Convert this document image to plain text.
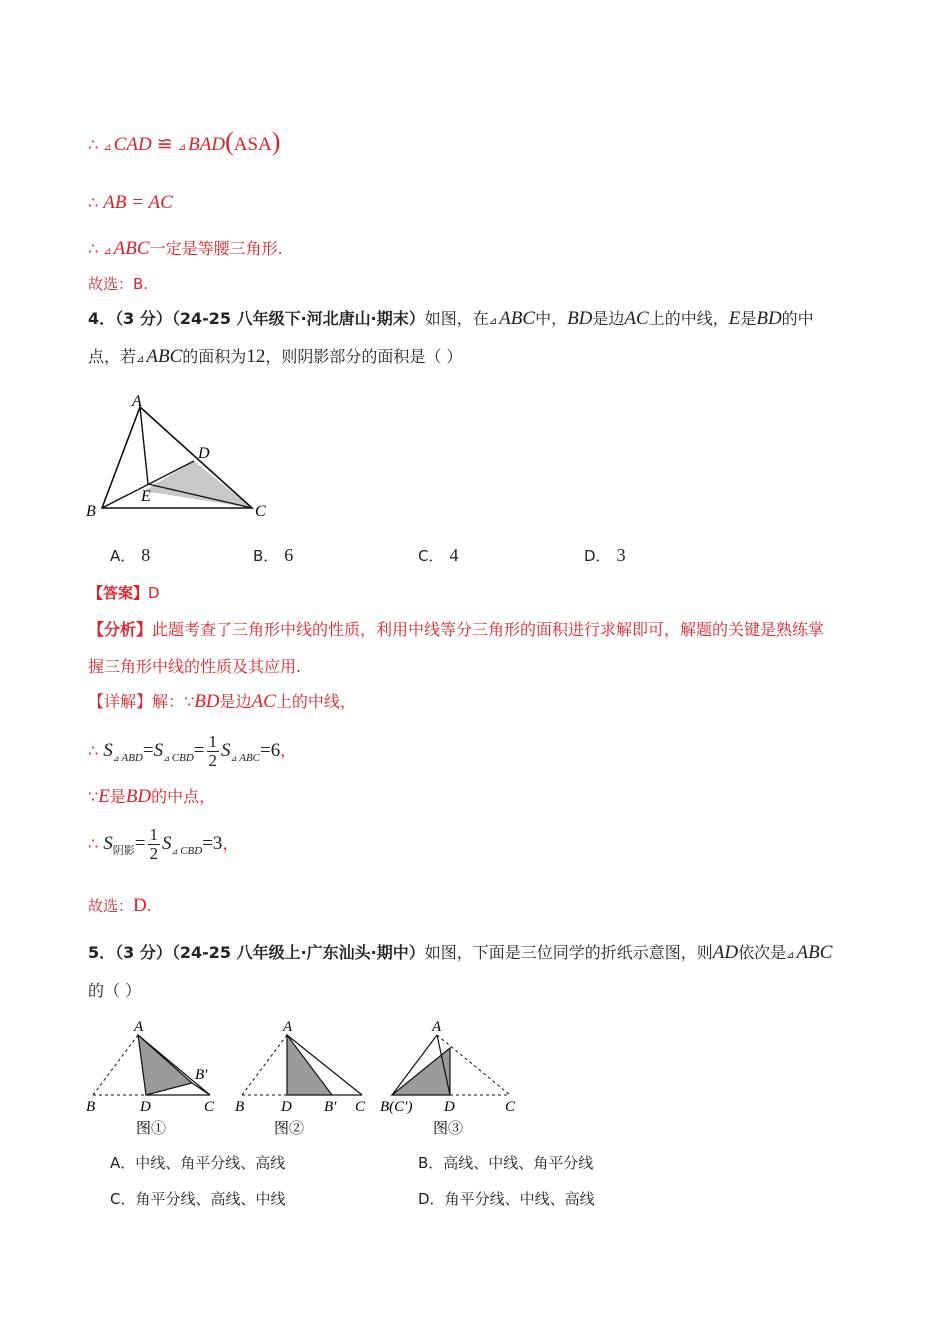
∴ ⊿ CAD ≌ ⊿ BAD(ASA)
∴ AB = AC
∴ ⊿ ABC一定是等腰三角形.
故选：B.
4．（3 分）（24-25 八年级下·河北唐山·期末）如图，在⊿ ABC中，BD是边AC上的中线，E是BD的中
点，若⊿ ABC的面积为12，则阴影部分的面积是（ ）
A
B	C
D
E
A． 8	B． 6	C． 4	D． 3
【答案】D
【分析】此题考查了三角形中线的性质，利用中线等分三角形的面积进行求解即可，解题的关键是熟练掌
握三角形中线的性质及其应用.
【详解】解：∵BD是边AC上的中线，
∴ $S_{⊿ ABD}=S_{⊿ CBD}= \frac{1}{2} S_{⊿ ABC}=6$，
∵E是BD的中点，
∴ $S_{阴影}= \frac{1}{2} S_{⊿ CBD}=3$，
故选：D.
5．（3 分）（24-25 八年级上·广东汕头·期中）如图，下面是三位同学的折纸示意图，则AD依次是⊿ ABC
的（ ）
A
B	D	C
B′
图①
A
B D B′ C
图②
A
B(C′) D	C
图③
A．中线、角平分线、高线	B．高线、中线、角平分线
C．角平分线、高线、中线	D．角平分线、中线、高线
